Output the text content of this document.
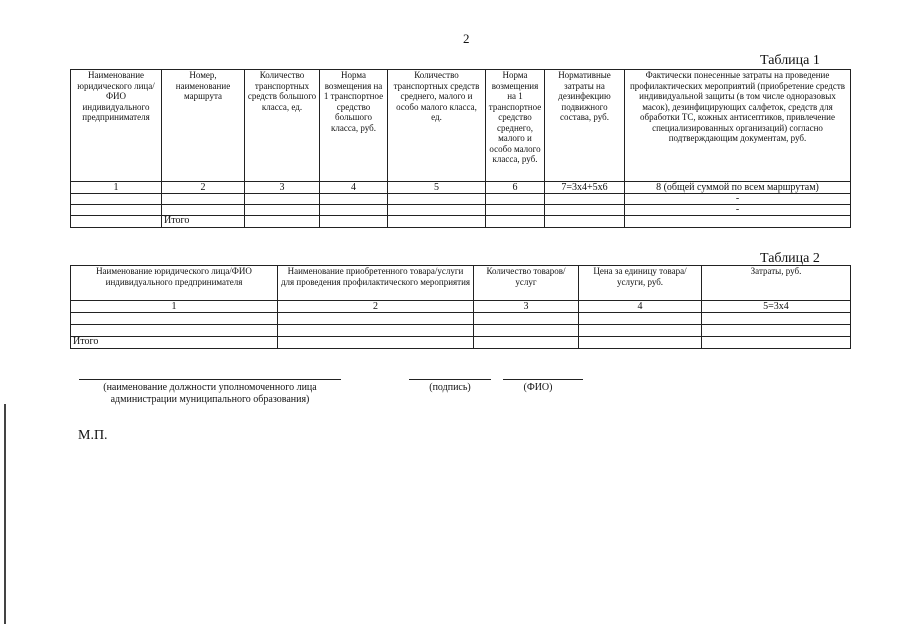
2
Таблица 1
Наименование юридического лица/ФИО индивидуального предпринимателя	Номер, наименование маршрута	Количество транспортных средств большого класса, ед.	Норма возмещения на 1 транспортное средство большого класса, руб.	Количество транспортных средств среднего, малого и особо малого класса, ед.	Норма возмещения на 1 транспортное средство среднего, малого и особо малого класса, руб.	Нормативные затраты на дезинфекцию подвижного состава, руб.	Фактически понесенные затраты на проведение профилактических мероприятий (приобретение средств индивидуальной защиты (в том числе одноразовых масок), дезинфицирующих салфеток, средств для обработки ТС, кожных антисептиков, привлечение специализированных организаций) согласно подтверждающим документам, руб.
1	2	3	4	5	6	7=3х4+5х6	8 (общей суммой по всем маршрутам)
							-
							-
	Итого						
Таблица 2
Наименование юридического лица/ФИО индивидуального предпринимателя	Наименование приобретенного товара/услуги для проведения профилактического мероприятия	Количество товаров/услуг	Цена за единицу товара/услуги, руб.	Затраты, руб.
1	2	3	4	5=3х4

Итого				
(наименование должности уполномоченного лица
администрации муниципального образования)
(подпись)	(ФИО)
М.П.
